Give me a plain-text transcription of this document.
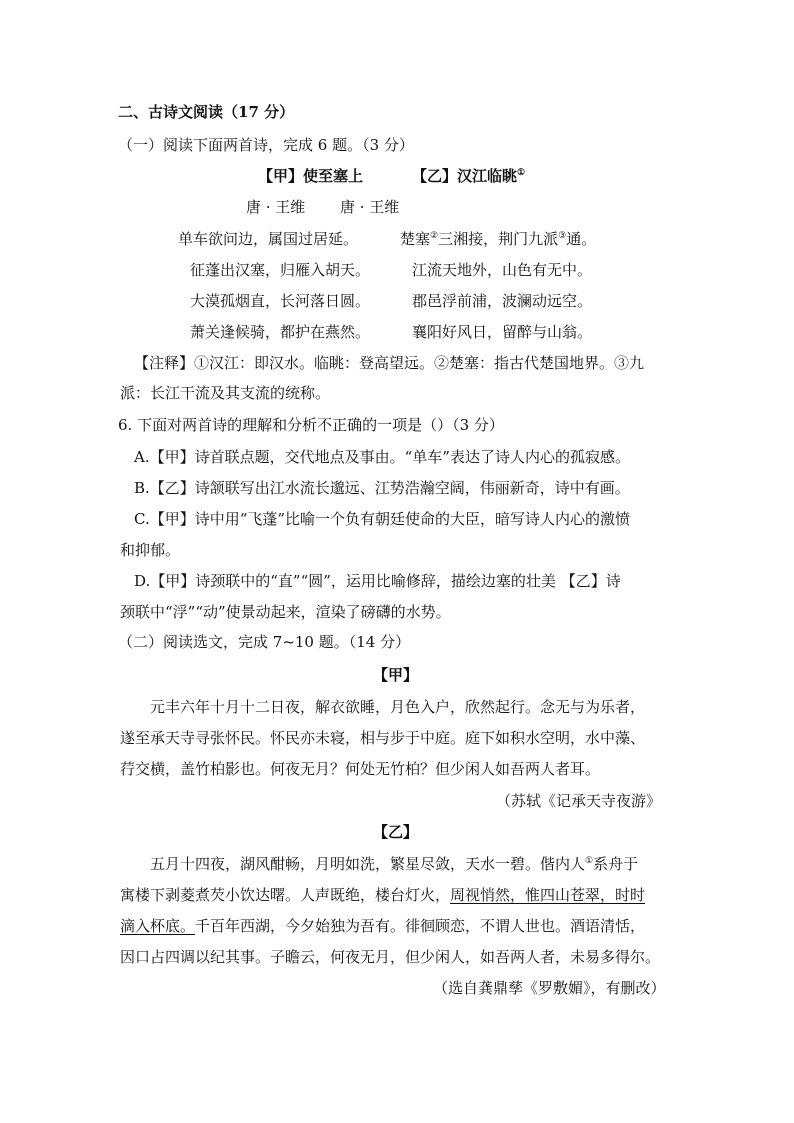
二、古诗文阅读（17 分）
（一）阅读下面两首诗，完成 6 题。（3 分）
【甲】使至塞上	【乙】汉江临眺①
唐 · 王维 唐 · 王维
单车欲问边，属国过居延。	楚塞②三湘接，荆门九派③通。
征蓬出汉塞，归雁入胡天。	江流天地外，山色有无中。
大漠孤烟直，长河落日圆。	郡邑浮前浦，波澜动远空。
萧关逢候骑，都护在燕然。	襄阳好风日，留醉与山翁。
【注释】①汉江：即汉水。临眺：登高望远。②楚塞：指古代楚国地界。③九
派：长江干流及其支流的统称。
6. 下面对两首诗的理解和分析不正确的一项是（）（3 分）
A.【甲】诗首联点题，交代地点及事由。“单车”表达了诗人内心的孤寂感。
B.【乙】诗颔联写出江水流长邈远、江势浩瀚空阔，伟丽新奇，诗中有画。
C.【甲】诗中用“飞蓬”比喻一个负有朝廷使命的大臣，暗写诗人内心的激愤
和抑郁。
D.【甲】诗颈联中的“直”“圆”，运用比喻修辞，描绘边塞的壮美 【乙】诗
颈联中“浮”“动”使景动起来，渲染了磅礴的水势。
（二）阅读选文，完成 7~10 题。（14 分）
【甲】
元丰六年十月十二日夜，解衣欲睡，月色入户，欣然起行。念无与为乐者，
遂至承天寺寻张怀民。怀民亦未寝，相与步于中庭。庭下如积水空明，水中藻、
荇交横，盖竹柏影也。何夜无月？何处无竹柏？但少闲人如吾两人者耳。
（苏轼《记承天寺夜游》
【乙】
五月十四夜，湖风酣畅，月明如洗，繁星尽敛，天水一碧。偕内人①系舟于
寓楼下剥菱煮芡小饮达曙。人声既绝，楼台灯火，周视悄然，惟四山苍翠，时时
滴入杯底。千百年西湖，今夕始独为吾有。徘徊顾恋，不谓人世也。酒语清恬，
因口占四调以纪其事。子瞻云，何夜无月，但少闲人，如吾两人者，未易多得尔。
（选自龚鼎孳《罗敷媚》，有删改）
